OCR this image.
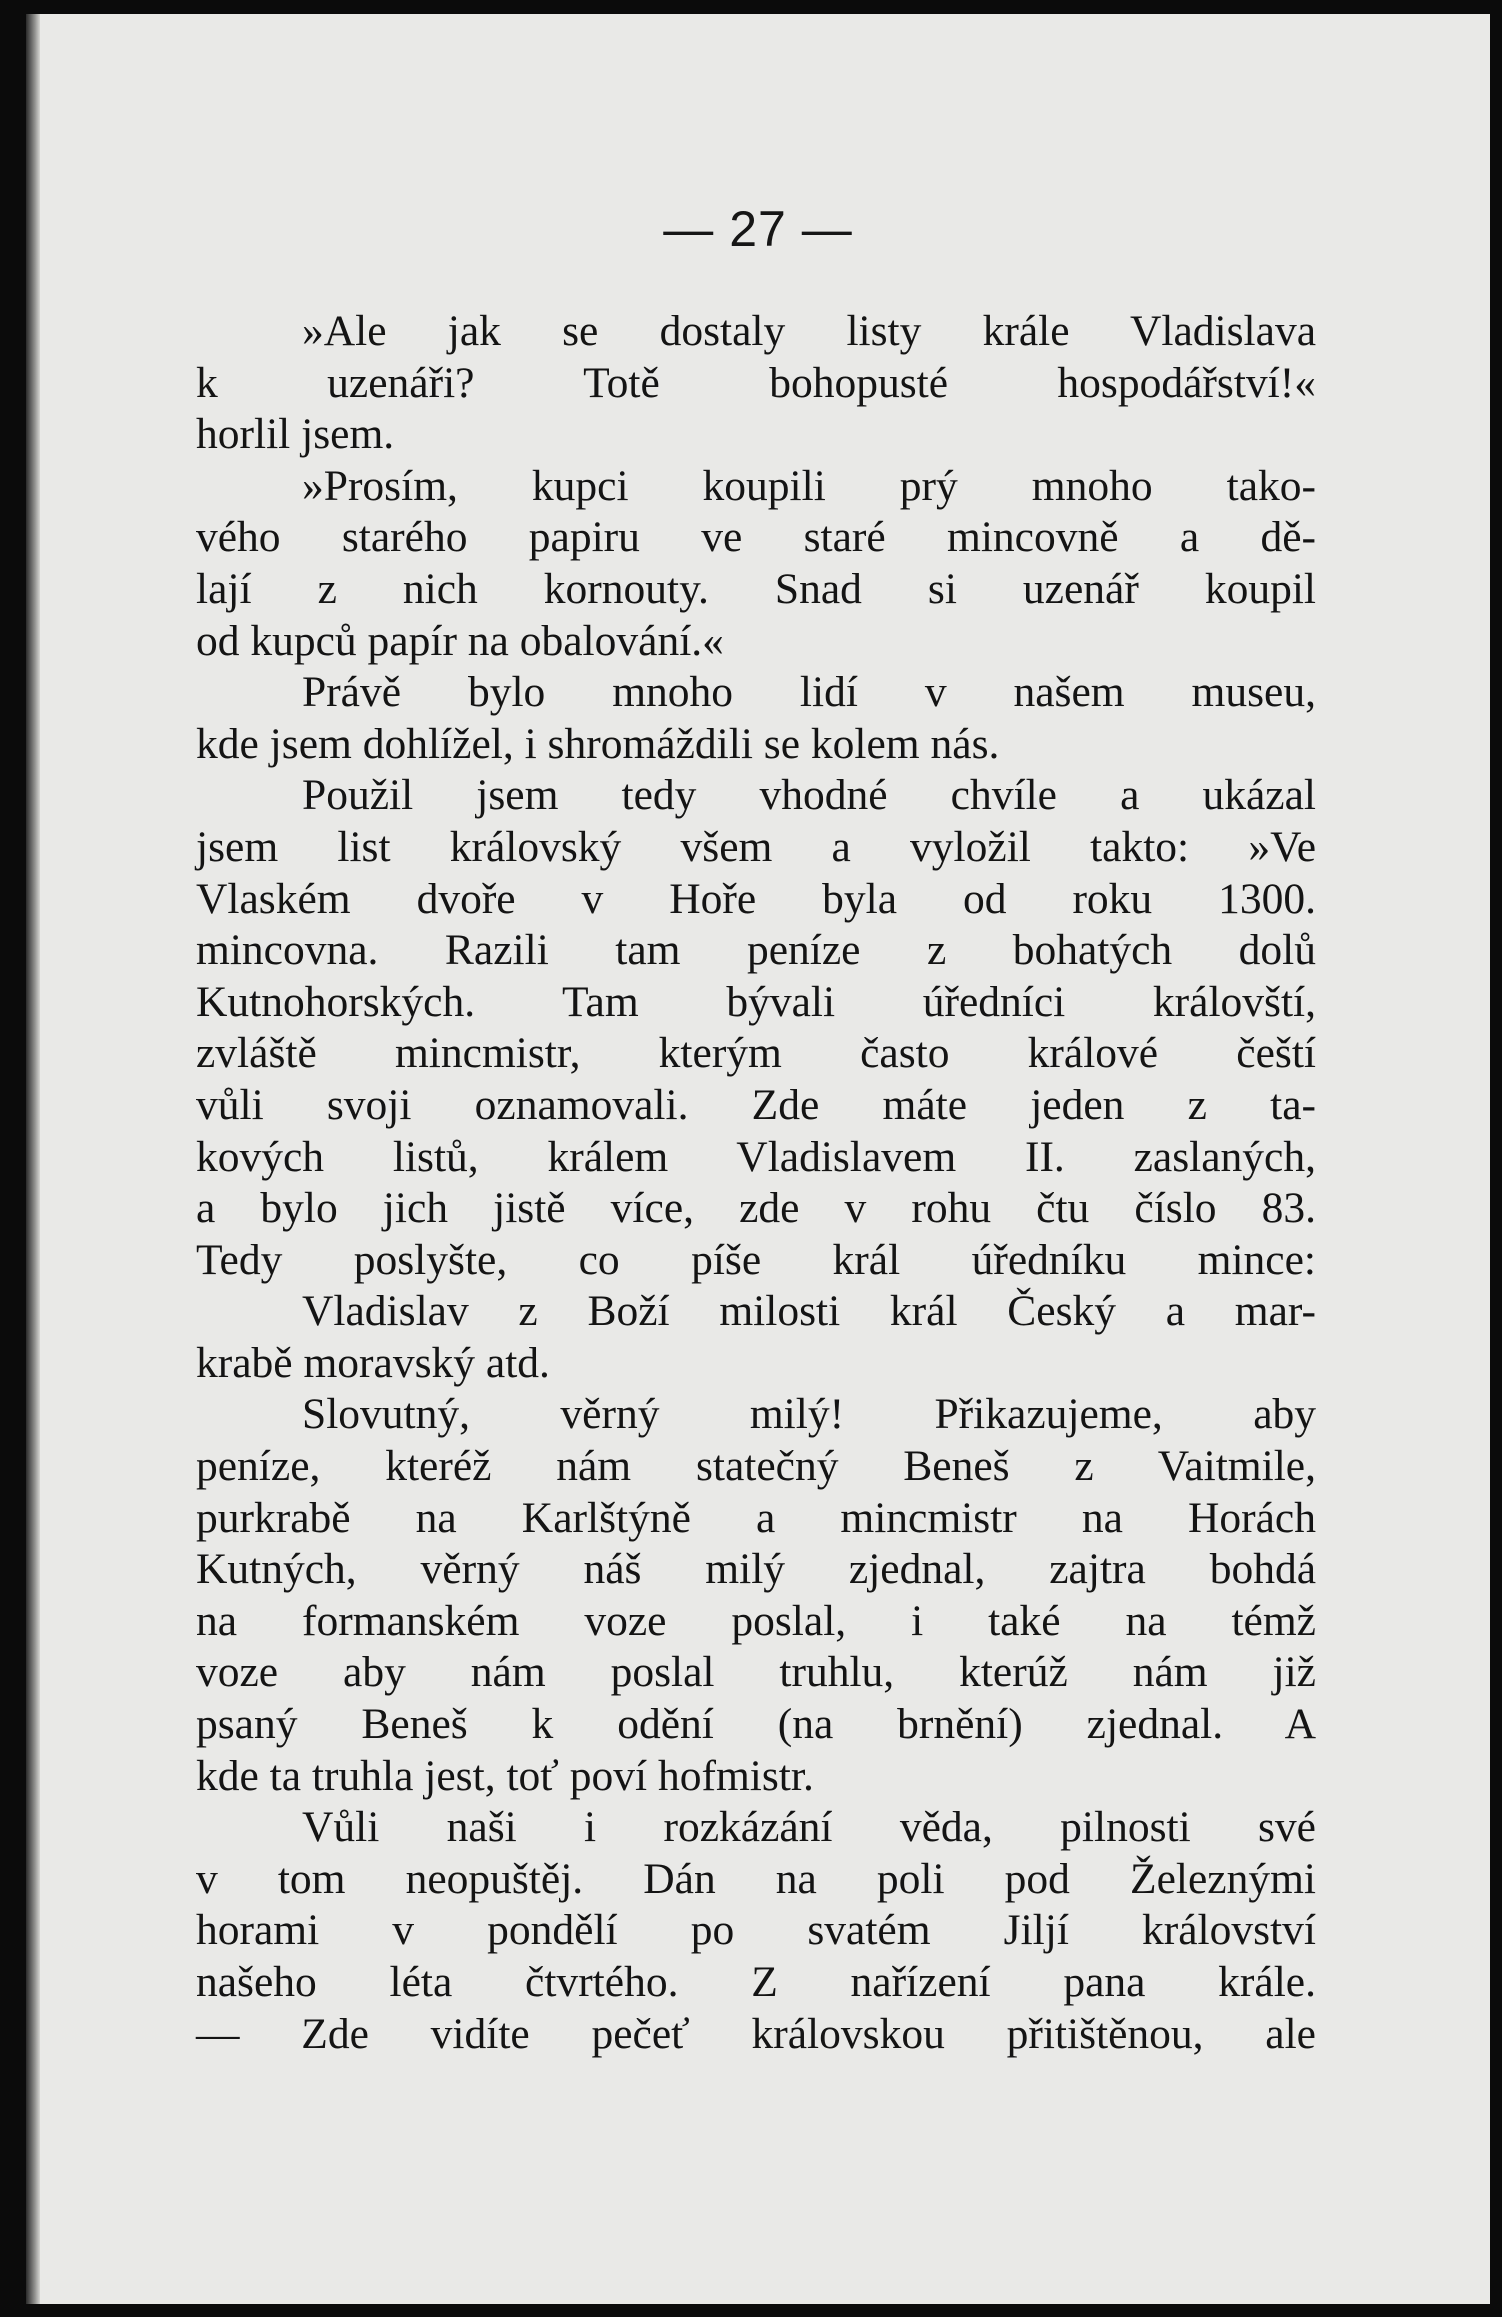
— 27 —
»Ale jak se dostaly listy krále Vladislava
k uzenáři? Totě bohopusté hospodářství!«
horlil jsem.
»Prosím, kupci koupili prý mnoho tako-
vého starého papiru ve staré mincovně a dě-
lají z nich kornouty. Snad si uzenář koupil
od kupců papír na obalování.«
Právě bylo mnoho lidí v našem museu,
kde jsem dohlížel, i shromáždili se kolem nás.
Použil jsem tedy vhodné chvíle a ukázal
jsem list královský všem a vyložil takto: »Ve
Vlaském dvoře v Hoře byla od roku 1300.
mincovna. Razili tam peníze z bohatých dolů
Kutnohorských. Tam bývali úředníci královští,
zvláště mincmistr, kterým často králové čeští
vůli svoji oznamovali. Zde máte jeden z ta-
kových listů, králem Vladislavem II. zaslaných,
a bylo jich jistě více, zde v rohu čtu číslo 83.
Tedy poslyšte, co píše král úředníku mince:
Vladislav z Boží milosti král Český a mar-
krabě moravský atd.
Slovutný, věrný milý! Přikazujeme, aby
peníze, kteréž nám statečný Beneš z Vaitmile,
purkrabě na Karlštýně a mincmistr na Horách
Kutných, věrný náš milý zjednal, zajtra bohdá
na formanském voze poslal, i také na témž
voze aby nám poslal truhlu, kterúž nám již
psaný Beneš k odění (na brnění) zjednal. A
kde ta truhla jest, toť poví hofmistr.
Vůli naši i rozkázání věda, pilnosti své
v tom neopuštěj. Dán na poli pod Železnými
horami v pondělí po svatém Jiljí království
našeho léta čtvrtého. Z nařízení pana krále.
— Zde vidíte pečeť královskou přitištěnou, ale
